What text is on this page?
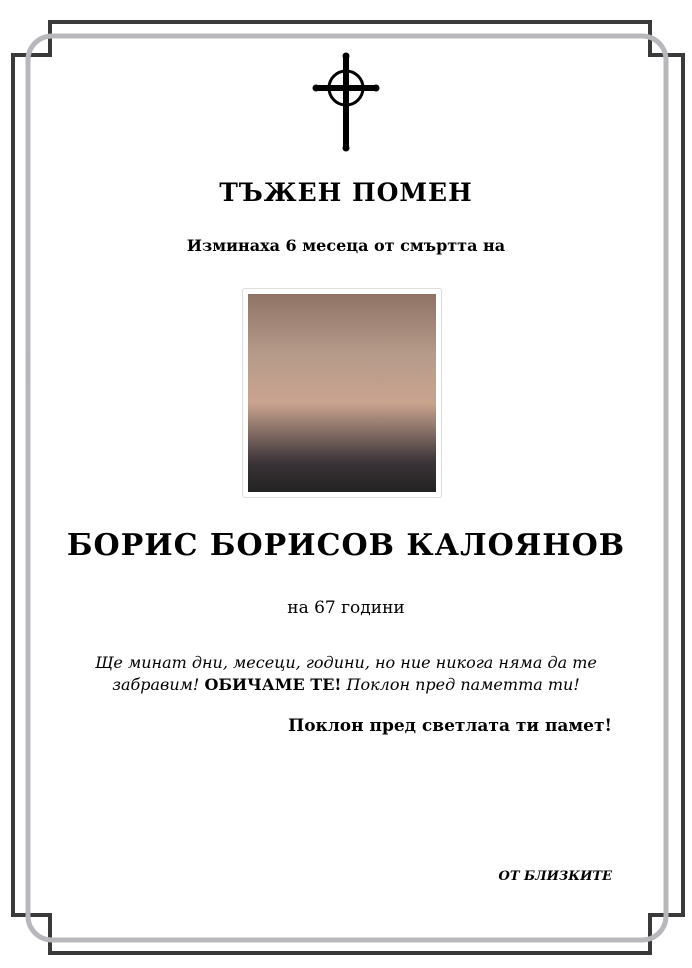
ТЪЖЕН ПОМЕН
Изминаха 6 месеца от смъртта на
БОРИС БОРИСОВ КАЛОЯНОВ
на 67 години
Ще минат дни, месеци, години, но ние никога няма да те забравим! ОБИЧАМЕ ТЕ! Поклон пред паметта ти!
Поклон пред светлата ти памет!
ОТ БЛИЗКИТЕ
